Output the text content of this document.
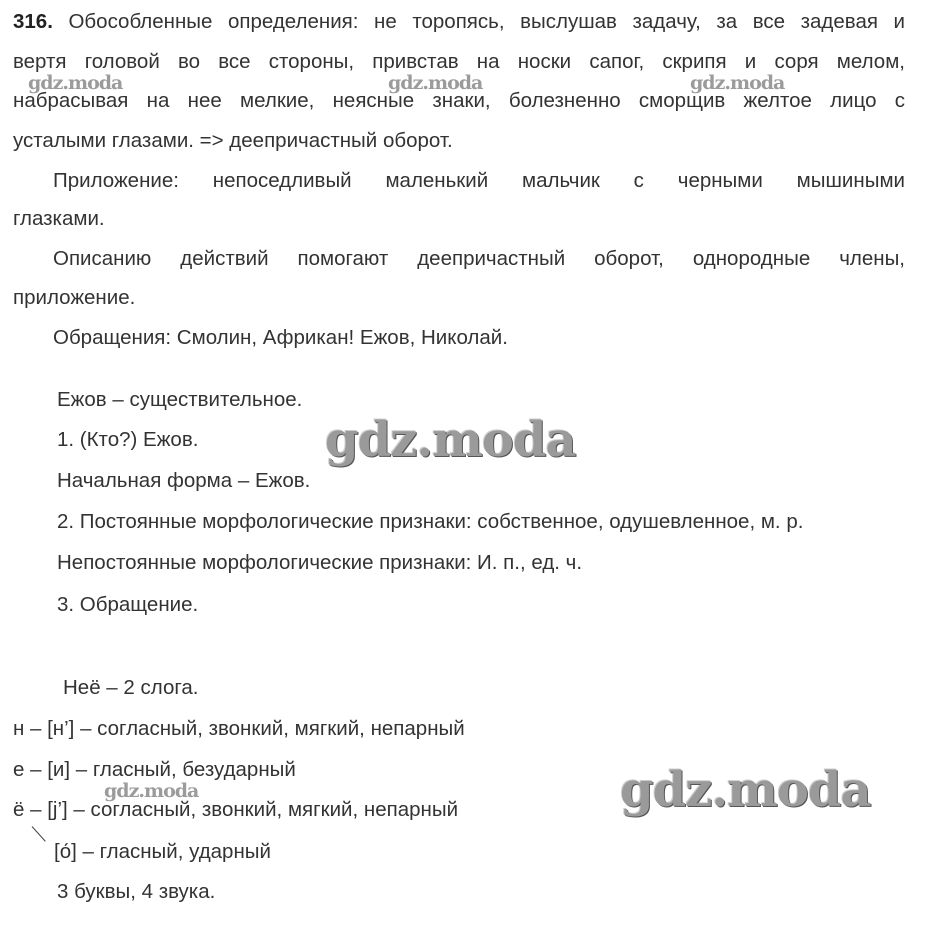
316. Обособленные определения: не торопясь, выслушав задачу, за все задевая и
вертя головой во все стороны, привстав на носки сапог, скрипя и соря мелом,
набрасывая на нее мелкие, неясные знаки, болезненно сморщив желтое лицо с
усталыми глазами. => деепричастный оборот.
Приложение: непоседливый маленький мальчик с черными мышиными
глазками.
Описанию действий помогают деепричастный оборот, однородные члены,
приложение.
Обращения: Смолин, Африкан! Ежов, Николай.
Ежов – существительное.
1. (Кто?) Ежов.
Начальная форма – Ежов.
2. Постоянные морфологические признаки: собственное, одушевленное, м. р.
Непостоянные морфологические признаки: И. п., ед. ч.
3. Обращение.
Неё – 2 слога.
н – [н’] – согласный, звонкий, мягкий, непарный
е – [и] – гласный, безударный
ё – [j’] – согласный, звонкий, мягкий, непарный
[о́] – гласный, ударный
3 буквы, 4 звука.
gdz.moda	gdz.moda	gdz.moda
gdz.moda
gdz.moda
gdz.moda
